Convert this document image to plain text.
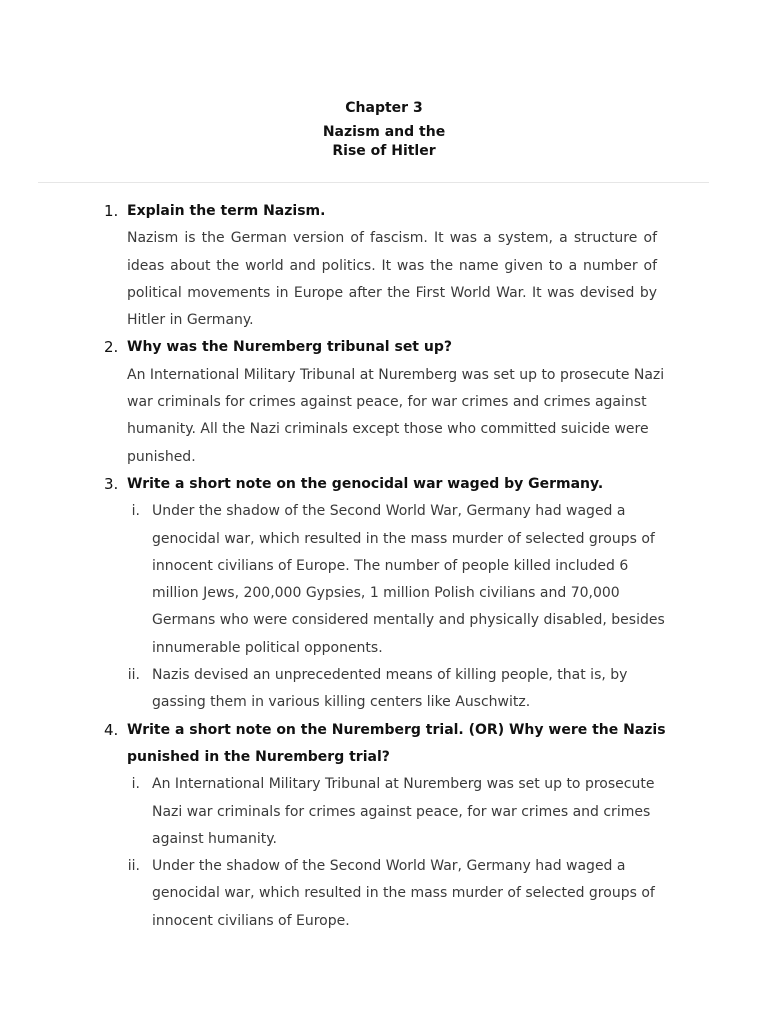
Chapter 3
Nazism and the
Rise of Hitler
1. Explain the term Nazism.

Nazism is the German version of fascism. It was a system, a structure of ideas about the world and politics. It was the name given to a number of political movements in Europe after the First World War. It was devised by Hitler in Germany.

2. Why was the Nuremberg tribunal set up?

An International Military Tribunal at Nuremberg was set up to prosecute Nazi war criminals for crimes against peace, for war crimes and crimes against humanity. All the Nazi criminals except those who committed suicide were punished.

3. Write a short note on the genocidal war waged by Germany.

i. Under the shadow of the Second World War, Germany had waged a genocidal war, which resulted in the mass murder of selected groups of innocent civilians of Europe. The number of people killed included 6 million Jews, 200,000 Gypsies, 1 million Polish civilians and 70,000 Germans who were considered mentally and physically disabled, besides innumerable political opponents.

ii. Nazis devised an unprecedented means of killing people, that is, by gassing them in various killing centers like Auschwitz.

4. Write a short note on the Nuremberg trial. (OR) Why were the Nazis punished in the Nuremberg trial?

i. An International Military Tribunal at Nuremberg was set up to prosecute Nazi war criminals for crimes against peace, for war crimes and crimes against humanity.

ii. Under the shadow of the Second World War, Germany had waged a genocidal war, which resulted in the mass murder of selected groups of innocent civilians of Europe.
